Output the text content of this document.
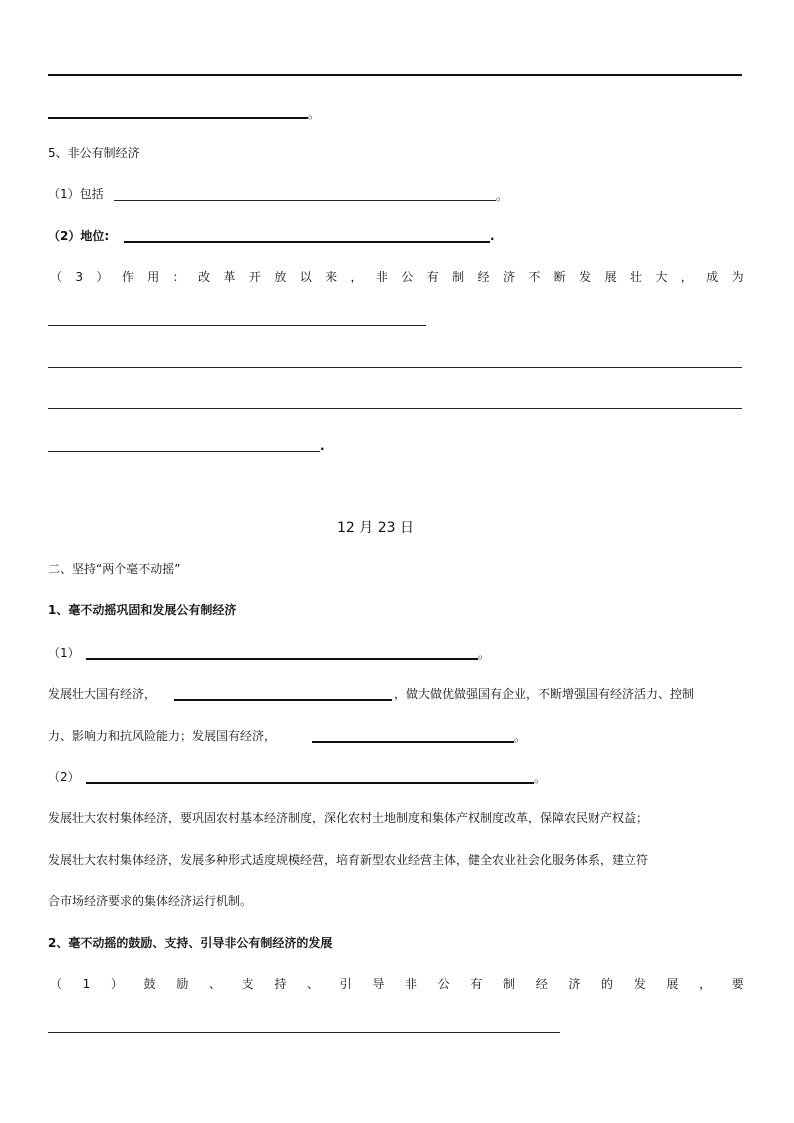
。
5、非公有制经济
（1）包括	。
（2）地位:	.
（ 3 ） 作 用 ： 改 革 开 放 以 来 ， 非 公 有 制 经 济 不 断 发 展 壮 大 ， 成 为
.
12 月 23 日
二、坚持“两个毫不动摇”
1、毫不动摇巩固和发展公有制经济
（1）	。
发展壮大国有经济，	，做大做优做强国有企业，不断增强国有经济活力、控制
力、影响力和抗风险能力；发展国有经济，	。
（2）	。
发展壮大农村集体经济，要巩固农村基本经济制度，深化农村土地制度和集体产权制度改革，保障农民财产权益；
发展壮大农村集体经济，发展多种形式适度规模经营，培育新型农业经营主体，健全农业社会化服务体系，建立符
合市场经济要求的集体经济运行机制。
2、毫不动摇的鼓励、支持、引导非公有制经济的发展
（ 1 ） 鼓 励 、 支 持 、 引 导 非 公 有 制 经 济 的 发 展 ， 要
